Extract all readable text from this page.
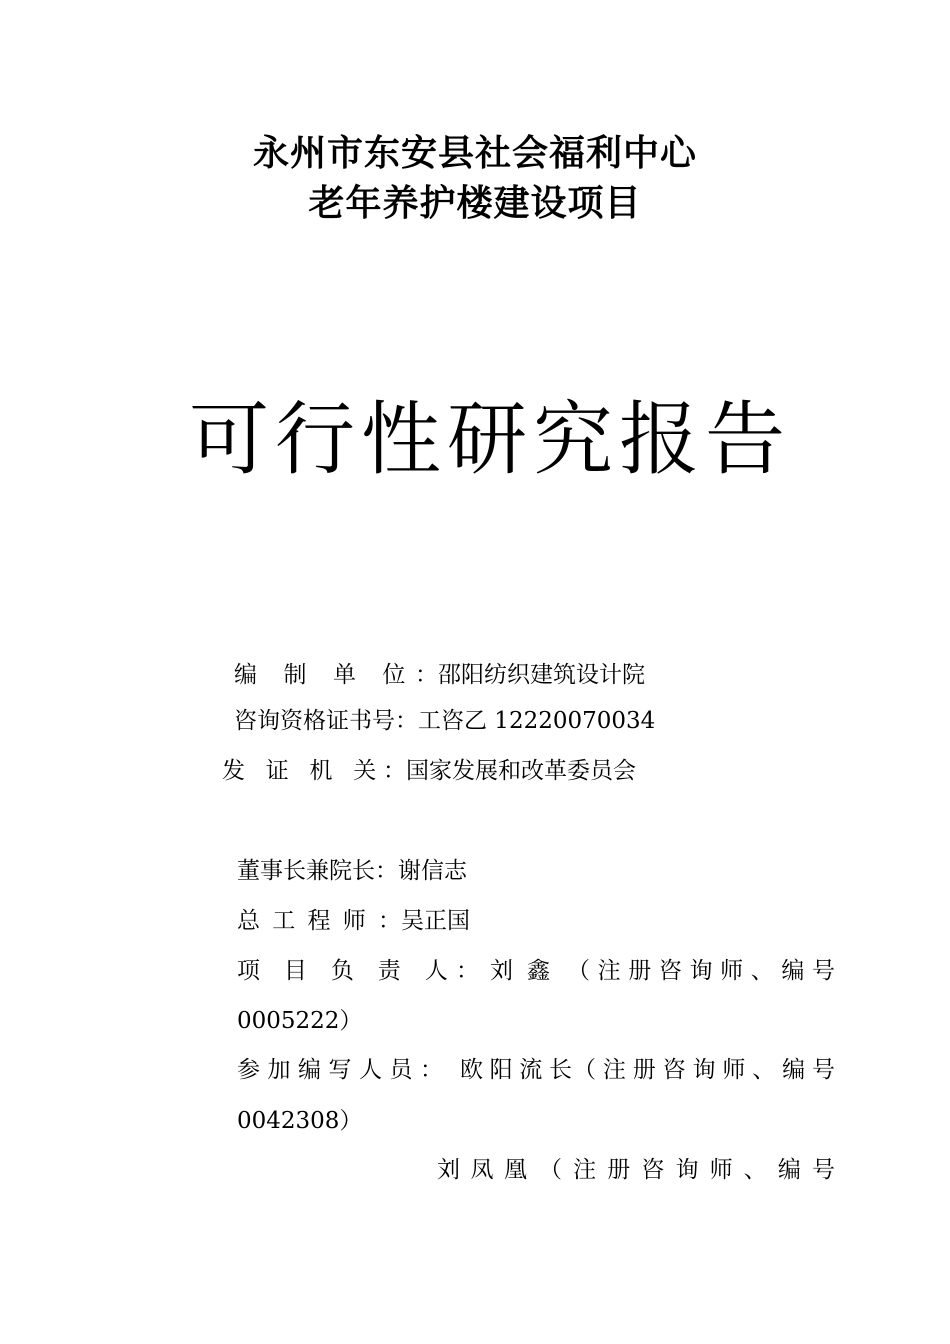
永州市东安县社会福利中心
老年养护楼建设项目
可行性研究报告
编 制 单 位：邵阳纺织建筑设计院
咨询资格证书号：工咨乙 12220070034
发 证 机 关：国家发展和改革委员会
董事长兼院长：谢信志
总 工 程 师 ：吴正国
项 目 负 责 人： 刘 鑫 （注册咨询师、编号
0005222）
参 加 编 写 人 员 ： 欧阳流长 （注册咨询师、编号
0042308）
刘凤凰 （注册咨询师、编号
